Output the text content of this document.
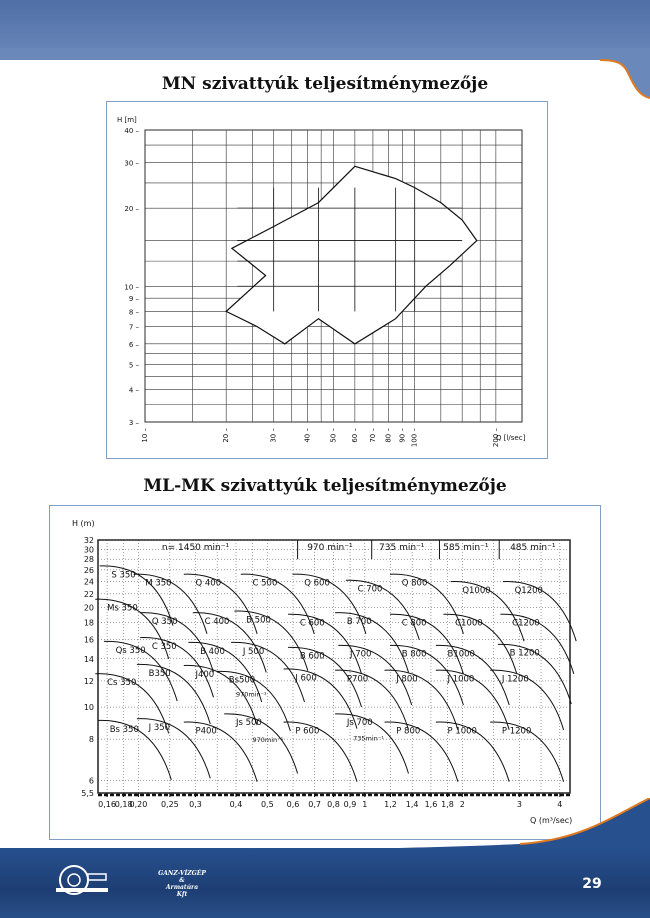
MN szivattyúk teljesítménymezője
3 –
4 –
5 –
6 –
7 –
8 –
9 –
10 –
20 –
30 –
40 –
10 –	20 –	30 –	40 –	50 – 60 – 70 – 80 – 90 – 100 –	200 –
H [m]
Q [l/sec]
ML-MK szivattyúk teljesítménymezője
5,5
6
8
10
12
14
16
18
20
22
24
26
28
30
32
0,16
0,18
0,20 0,25 0,3	0,4 0,5 0,6 0,7 0,8 0,9 1 1,2 1,4 1,6 1,8 2	3	4
n= 1450 min⁻¹	970 min⁻¹	735 min⁻¹ 585 min⁻¹ 485 min⁻¹
S 350
M 350	Q 400	C 500	Q 600
C 700
Q 800
Q1000	Q1200
Ms 350
Q 350	C 400 B 500	C 600	B 700	C 800	C1000	C1200
Qs 350 C 350	B 400 J 500	B 600	J 700	B 800 B1000	B 1200
B350	J400
Bs500	J 600	P700	J 800	J 1000	J 1200
Cs 350
Bs 350 J 350	P400
Js 500
P 600
Js 700
P 800	P 1000	P 1200
970min⁻¹
970min⁻¹	735min⁻¹
H (m)
Q (m³/sec)
GANZ-VÍZGÉP
&
Armatúra
Kft
29
